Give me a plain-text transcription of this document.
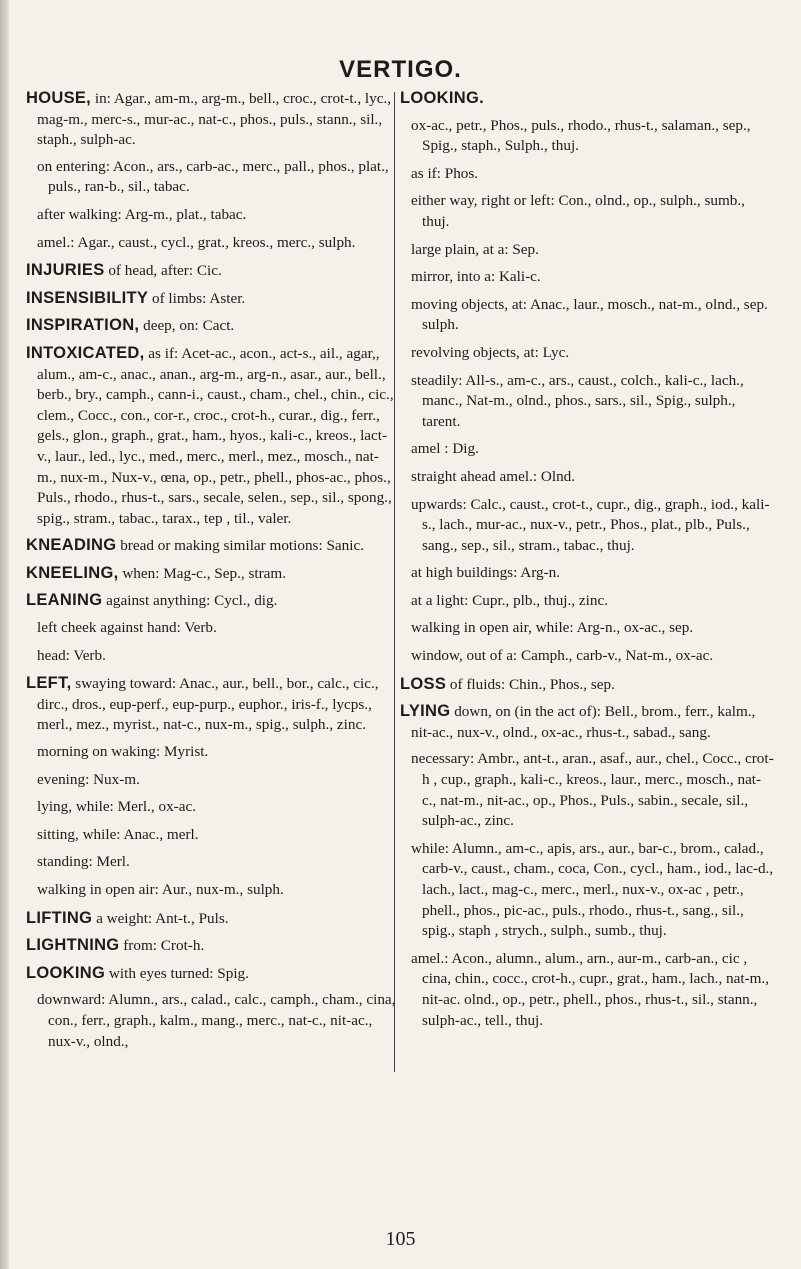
VERTIGO.

HOUSE, in: Agar., am-m., arg-m., bell., croc., crot-t., lyc., mag-m., merc-s., mur-ac., nat-c., phos., puls., stann., sil., staph., sulph-ac.

on entering: Acon., ars., carb-ac., merc., pall., phos., plat., puls., ran-b., sil., tabac.

after walking: Arg-m., plat., tabac.

amel.: Agar., caust., cycl., grat., kreos., merc., sulph.

INJURIES of head, after: Cic.

INSENSIBILITY of limbs: Aster.

INSPIRATION, deep, on: Cact.

INTOXICATED, as if: Acet-ac., acon., act-s., ail., agar,, alum., am-c., anac., anan., arg-m., arg-n., asar., aur., bell., berb., bry., camph., cann-i., caust., cham., chel., chin., cic., clem., Cocc., con., cor-r., croc., crot-h., curar., dig., ferr., gels., glon., graph., grat., ham., hyos., kali-c., kreos., lact-v., laur., led., lyc., med., merc., merl., mez., mosch., nat-m., nux-m., Nux-v., œna, op., petr., phell., phos-ac., phos., Puls., rhodo., rhus-t., sars., secale, selen., sep., sil., spong., spig., stram., tabac., tarax., tep , til., valer.

KNEADING bread or making similar motions: Sanic.

KNEELING, when: Mag-c., Sep., stram.

LEANING against anything: Cycl., dig.

left cheek against hand: Verb.

head: Verb.

LEFT, swaying toward: Anac., aur., bell., bor., calc., cic., dirc., dros., eup-perf., eup-purp., euphor., iris-f., lycps., merl., mez., myrist., nat-c., nux-m., spig., sulph., zinc.

morning on waking: Myrist.

evening: Nux-m.

lying, while: Merl., ox-ac.

sitting, while: Anac., merl.

standing: Merl.

walking in open air: Aur., nux-m., sulph.

LIFTING a weight: Ant-t., Puls.

LIGHTNING from: Crot-h.

LOOKING with eyes turned: Spig.

downward: Alumn., ars., calad., calc., camph., cham., cina, con., ferr., graph., kalm., mang., merc., nat-c., nit-ac., nux-v., olnd.,

LOOKING.

ox-ac., petr., Phos., puls., rhodo., rhus-t., salaman., sep., Spig., staph., Sulph., thuj.

as if: Phos.

either way, right or left: Con., olnd., op., sulph., sumb., thuj.

large plain, at a: Sep.

mirror, into a: Kali-c.

moving objects, at: Anac., laur., mosch., nat-m., olnd., sep. sulph.

revolving objects, at: Lyc.

steadily: All-s., am-c., ars., caust., colch., kali-c., lach., manc., Nat-m., olnd., phos., sars., sil., Spig., sulph., tarent.

amel : Dig.

straight ahead amel.: Olnd.

upwards: Calc., caust., crot-t., cupr., dig., graph., iod., kali-s., lach., mur-ac., nux-v., petr., Phos., plat., plb., Puls., sang., sep., sil., stram., tabac., thuj.

at high buildings: Arg-n.

at a light: Cupr., plb., thuj., zinc.

walking in open air, while: Arg-n., ox-ac., sep.

window, out of a: Camph., carb-v., Nat-m., ox-ac.

LOSS of fluids: Chin., Phos., sep.

LYING down, on (in the act of): Bell., brom., ferr., kalm., nit-ac., nux-v., olnd., ox-ac., rhus-t., sabad., sang.

necessary: Ambr., ant-t., aran., asaf., aur., chel., Cocc., crot-h , cup., graph., kali-c., kreos., laur., merc., mosch., nat-c., nat-m., nit-ac., op., Phos., Puls., sabin., secale, sil., sulph-ac., zinc.

while: Alumn., am-c., apis, ars., aur., bar-c., brom., calad., carb-v., caust., cham., coca, Con., cycl., ham., iod., lac-d., lach., lact., mag-c., merc., merl., nux-v., ox-ac , petr., phell., phos., pic-ac., puls., rhodo., rhus-t., sang., sil., spig., staph , strych., sulph., sumb., thuj.

amel.: Acon., alumn., alum., arn., aur-m., carb-an., cic , cina, chin., cocc., crot-h., cupr., grat., ham., lach., nat-m., nit-ac. olnd., op., petr., phell., phos., rhus-t., sil., stann., sulph-ac., tell., thuj.

105
